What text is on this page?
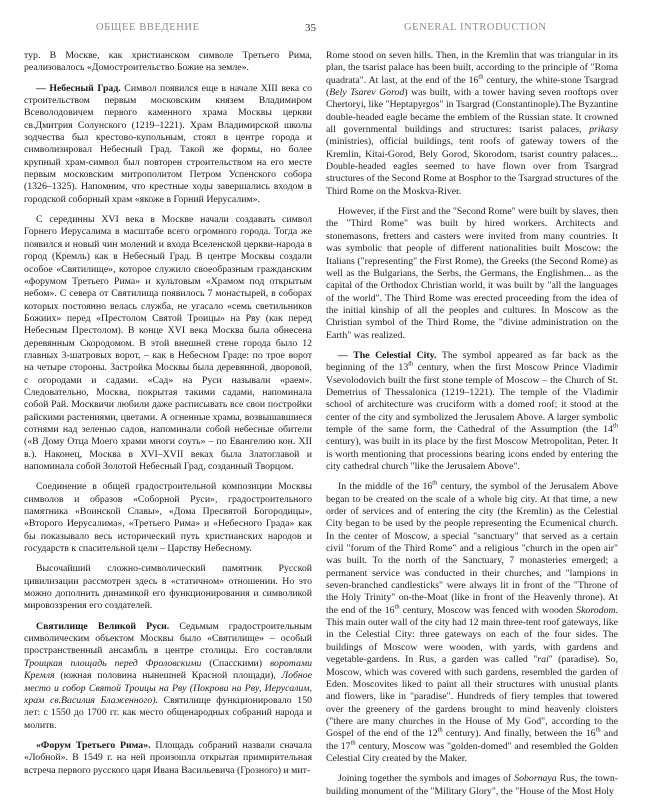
ОБЩЕЕ ВВЕДЕНИЕ	35	GENERAL INTRODUCTION

тур. В Москве, как христианском символе Третьего Рима, реализовалось «Домостроительство Божие на земле».

— Небесный Град. Символ появился еще в начале XIII века со строительством первым московским князем Владимиром Всеволодовичем первого каменного храма Москвы церкви св.Дмитрия Солунского (1219–1221). Храм Владимирской школы зодчества был крестово-купольным, стоял в центре города и символизировал Небесный Град. Такой же формы, но более крупный храм-символ был повторен строительством на его месте первым московским митрополитом Петром Успенского собора (1326–1325). Напомним, что крестные ходы завершались входом в городской соборный храм «якоже в Горний Иерусалим».

С серединны XVI века в Москве начали создавать символ Горнего Иерусалима в масштабе всего огромного города. Тогда же появился и новый чин молений и входа Вселенской церкви-народа в город (Кремль) как в Небесный Град. В центре Москвы создали особое «Святилище», которое служило своеобразным гражданским «форумом Третьего Рима» и культовым «Храмом под открытым небом». С севера от Святилища появилось 7 монастырей, в соборах которых постоянно велась служба, не угасало «семь светильников Божиих» перед «Престолом Святой Троицы» на Рву (как перед Небесным Престолом). В конце XVI века Москва была обнесена деревянным Скородомом. В этой внешней стене города было 12 главных 3-шатровых ворот, – как в Небесном Граде: по трое ворот на четыре стороны. Застройка Москвы была деревянной, дворовой, с огородами и садами. «Сад» на Руси называли «раем». Следовательно, Москва, покрытая такими садами, напоминала собой Рай. Москвичи любили даже расписывать все свои постройки райскими растениями, цветами. А огненные храмы, возвышавшиеся сотнями над зеленью садов, напоминали собой небесные обители («В Дому Отца Моего храми многи соуть» – по Евангелию кон. XII в.). Наконец, Москва в XVI–XVII веках была Златоглавой и напоминала собой Золотой Небесный Град, созданный Творцом.

Соединение в общей градостроительной композиции Москвы символов и образов «Соборной Руси», градостроительного памятника «Воинской Славы», «Дома Пресвятой Богородицы», «Второго Иерусалима», «Третьего Рима» и «Небесного Града» как бы показывало весь исторический путь христианских народов и государств к спасительной цели – Царству Небесному.

Высочайший сложно-символический памятник Русской цивилизации рассмотрен здесь в «статичном» отношении. Но это можно дополнить динамикой его функционирования и символикой мировоззрения его создателей.

Святилище Великой Руси. Седьмым градостроительным символическим объектом Москвы было «Святилище» – особый пространственный ансамбль в центре столицы. Его составляли Троицкая площадь перед Фроловскими (Спасскими) воротами Кремля (южная половина нынешней Красной площади), Лобное место и собор Святой Троицы на Рву (Покрова на Рву, Иерусалим, храм св.Василия Блаженного). Святилище функционировало 150 лет: с 1550 до 1700 гг. как место общенародных собраний народа и молитв.

«Форум Третьего Рима». Площадь собраний назвали сначала «Лобной». В 1549 г. на ней произошла открытая примирительная встреча первого русского царя Ивана Васильевича (Грозного) и мит-

Rome stood on seven hills. Then, in the Kremlin that was triangular in its plan, the tsarist palace has been built, according to the principle of "Roma quadrata". At last, at the end of the 16th century, the white-stone Tsargrad (Bely Tsarev Gorod) was built, with a tower having seven rooftops over Chertoryi, like "Heptapyrgos" in Tsargrad (Constantinople).The Byzantine double-headed eagle became the emblem of the Russian state. It crowned all governmental buildings and structures: tsarist palaces, prikasy (ministries), official buildings, tent roofs of gateway towers of the Kremlin, Kitai-Gorod, Bely Gorod, Skorodom, tsarist country palaces... Double-headed eagles seemed to have flown over from Tsargrad structures of the Second Rome at Bosphor to the Tsargrad structures of the Third Rome on the Moskva-River.

However, if the First and the "Second Rome" were built by slaves, then the "Third Rome" was built by hired workers. Architects and stonemasons, fretters and casters were invited from many countries. It was symbolic that people of different nationalities built Moscow: the Italians ("representing" the First Rome), the Greeks (the Second Rome) as well as the Bulgarians, the Serbs, the Germans, the Englishmen... as the capital of the Orthodox Christian world, it was built by "all the languages of the world". The Third Rome was erected proceeding from the idea of the initial kinship of all the peoples and cultures. In Moscow as the Christian symbol of the Third Rome, the "divine administration on the Earth" was realized.

— The Celestial City. The symbol appeared as far back as the beginning of the 13th century, when the first Moscow Prince Vladimir Vsevolodovich built the first stone temple of Moscow – the Church of St. Demetrius of Thessalonica (1219–1221). The temple of the Vladimir school of architecture was cruciform with a domed roof; it stood at the center of the city and symbolized the Jerusalem Above. A larger symbolic temple of the same form, the Cathedral of the Assumption (the 14th century), was built in its place by the first Moscow Metropolitan, Peter. It is worth mentioning that processions bearing icons ended by entering the city cathedral church "like the Jerusalem Above".

In the middle of the 16th century, the symbol of the Jerusalem Above began to be created on the scale of a whole big city. At that time, a new order of services and of entering the city (the Kremlin) as the Celestial City began to be used by the people representing the Ecumenical church. In the center of Moscow, a special "sanctuary" that served as a certain civil "forum of the Third Rome" and a religious "church in the open air" was built. To the north of the Sanctuary, 7 monasteries emerged; a permanent service was conducted in their churches, and "lampions in seven-branched candlesticks" were always lit in front of the "Throne of the Holy Trinity" on-the-Moat (like in front of the Heavenly throne). At the end of the 16th century, Moscow was fenced with wooden Skorodom. This main outer wall of the city had 12 main three-tent roof gateways, like in the Celestial City: three gateways on each of the four sides. The buildings of Moscow were wooden, with yards, with gardens and vegetable-gardens. In Rus, a garden was called "rai" (paradise). So, Moscow, which was covered with such gardens, resembled the garden of Eden. Moscovites liked to paint all their structures with unusual plants and flowers, like in "paradise". Hundreds of fiery temples that towered over the greenery of the gardens brought to mind heavenly cloisters ("there are many churches in the House of My God", according to the Gospel of the end of the 12th century). And finally, between the 16th and the 17th century, Moscow was "golden-domed" and resembled the Golden Celestial City created by the Maker.

Joining together the symbols and images of Sobornaya Rus, the town-building monument of the "Military Glory", the "House of the Most Holy
